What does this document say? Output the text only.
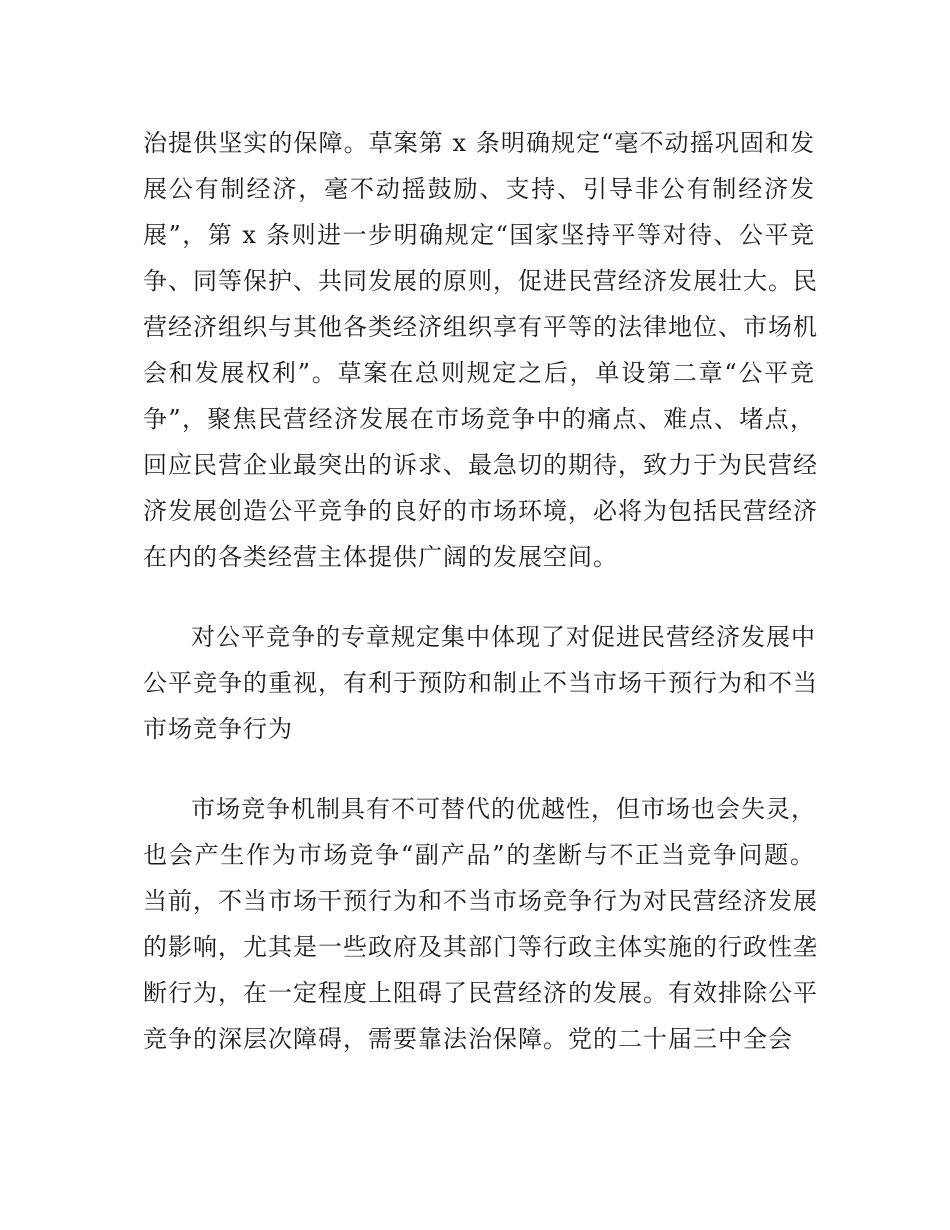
治提供坚实的保障。草案第 x 条明确规定“毫不动摇巩固和发
展公有制经济，毫不动摇鼓励、支持、引导非公有制经济发
展”，第 x 条则进一步明确规定“国家坚持平等对待、公平竞
争、同等保护、共同发展的原则，促进民营经济发展壮大。民
营经济组织与其他各类经济组织享有平等的法律地位、市场机
会和发展权利”。草案在总则规定之后，单设第二章“公平竞
争”，聚焦民营经济发展在市场竞争中的痛点、难点、堵点，
回应民营企业最突出的诉求、最急切的期待，致力于为民营经
济发展创造公平竞争的良好的市场环境，必将为包括民营经济
在内的各类经营主体提供广阔的发展空间。
对公平竞争的专章规定集中体现了对促进民营经济发展中
公平竞争的重视，有利于预防和制止不当市场干预行为和不当
市场竞争行为
市场竞争机制具有不可替代的优越性，但市场也会失灵，
也会产生作为市场竞争“副产品”的垄断与不正当竞争问题。
当前，不当市场干预行为和不当市场竞争行为对民营经济发展
的影响，尤其是一些政府及其部门等行政主体实施的行政性垄
断行为，在一定程度上阻碍了民营经济的发展。有效排除公平
竞争的深层次障碍，需要靠法治保障。党的二十届三中全会
